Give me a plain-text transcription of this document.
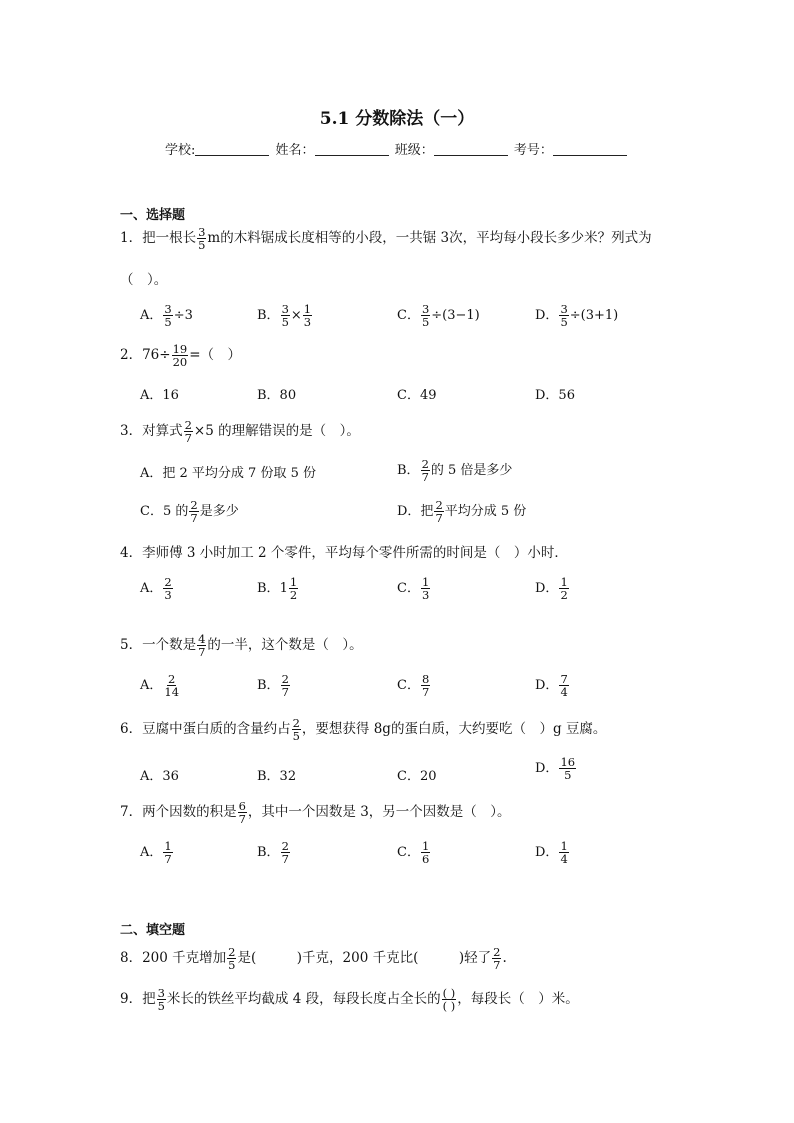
5.1 分数除法（一）
学校:	姓名：	班级：	考号：
一、选择题
1．把一根长 $\frac{3}{5}$ m的木料锯成长度相等的小段，一共锯 3次，平均每小段长多少米？列式为
（　）。
A． $\frac{3}{5} \div 3$	B． $\frac{3}{5} \times \frac{1}{3}$	C． $\frac{3}{5} \div(3-1)$	D． $\frac{3}{5} \div(3+1)$
2．$76\div \frac{19}{20}$ =（　）
A．16	B．80	C．49	D．56
3．对算式 $\frac{2}{7} \times 5$ 的理解错误的是（　）。
A．把 2 平均分成 7 份取 5 份	B． $\frac{2}{7}$ 的 5 倍是多少
C．5 的 $\frac{2}{7}$ 是多少	D．把 $\frac{2}{7}$ 平均分成 5 份
4．李师傅 3 小时加工 2 个零件，平均每个零件所需的时间是（　）小时．
A． $\frac{2}{3}$	B．$1 \frac{1}{2}$	C． $\frac{1}{3}$	D． $\frac{1}{2}$
5．一个数是 $\frac{4}{7}$ 的一半，这个数是（　）。
A． $\frac{2}{14}$	B． $\frac{2}{7}$	C． $\frac{8}{7}$	D． $\frac{7}{4}$
6．豆腐中蛋白质的含量约占 $\frac{2}{5}$ ，要想获得 8g的蛋白质，大约要吃（　）g 豆腐。
A．36	B．32	C．20
D． $\frac{16}{5}$
7．两个因数的积是 $\frac{6}{7}$ ，其中一个因数是 3，另一个因数是（　）。
A． $\frac{1}{7}$	B． $\frac{2}{7}$	C． $\frac{1}{6}$	D． $\frac{1}{4}$
二、填空题
8．200 千克增加 $\frac{2}{5}$ 是(　　　)千克，200 千克比(　　　)轻了 $\frac{2}{7}$ .
9．把 $\frac{3}{5}$ 米长的铁丝平均截成 4 段，每段长度占全长的 $\frac{( )}{( )}$ ，每段长（　）米。
